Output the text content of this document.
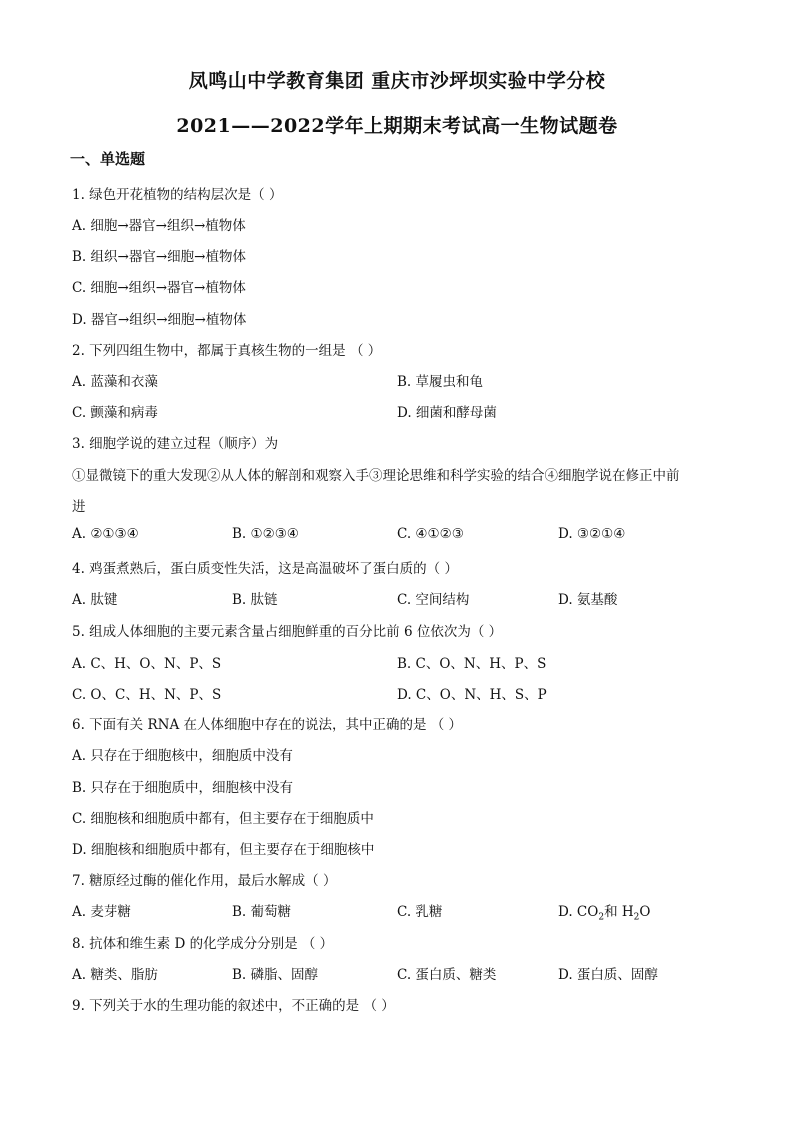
凤鸣山中学教育集团 重庆市沙坪坝实验中学分校
2021——2022学年上期期末考试高一生物试题卷
一、单选题
1. 绿色开花植物的结构层次是（ ）
A. 细胞→器官→组织→植物体
B. 组织→器官→细胞→植物体
C. 细胞→组织→器官→植物体
D. 器官→组织→细胞→植物体
2. 下列四组生物中，都属于真核生物的一组是 （ ）
A. 蓝藻和衣藻	B. 草履虫和龟
C. 颤藻和病毒	D. 细菌和酵母菌
3. 细胞学说的建立过程（顺序）为
①显微镜下的重大发现②从人体的解剖和观察入手③理论思维和科学实验的结合④细胞学说在修正中前
进
A. ②①③④	B. ①②③④	C. ④①②③	D. ③②①④
4. 鸡蛋煮熟后，蛋白质变性失活，这是高温破坏了蛋白质的（ ）
A. 肽键	B. 肽链	C. 空间结构	D. 氨基酸
5. 组成人体细胞的主要元素含量占细胞鲜重的百分比前 6 位依次为（ ）
A. C、H、O、N、P、S	B. C、O、N、H、P、S
C. O、C、H、N、P、S	D. C、O、N、H、S、P
6. 下面有关 RNA 在人体细胞中存在的说法，其中正确的是 （ ）
A. 只存在于细胞核中，细胞质中没有
B. 只存在于细胞质中，细胞核中没有
C. 细胞核和细胞质中都有，但主要存在于细胞质中
D. 细胞核和细胞质中都有，但主要存在于细胞核中
7. 糖原经过酶的催化作用，最后水解成（ ）
A. 麦芽糖	B. 葡萄糖	C. 乳糖	D. $CO_2$和 $H_2O$
8. 抗体和维生素 D 的化学成分分别是 （ ）
A. 糖类、脂肪	B. 磷脂、固醇	C. 蛋白质、糖类	D. 蛋白质、固醇
9. 下列关于水的生理功能的叙述中，不正确的是 （ ）
